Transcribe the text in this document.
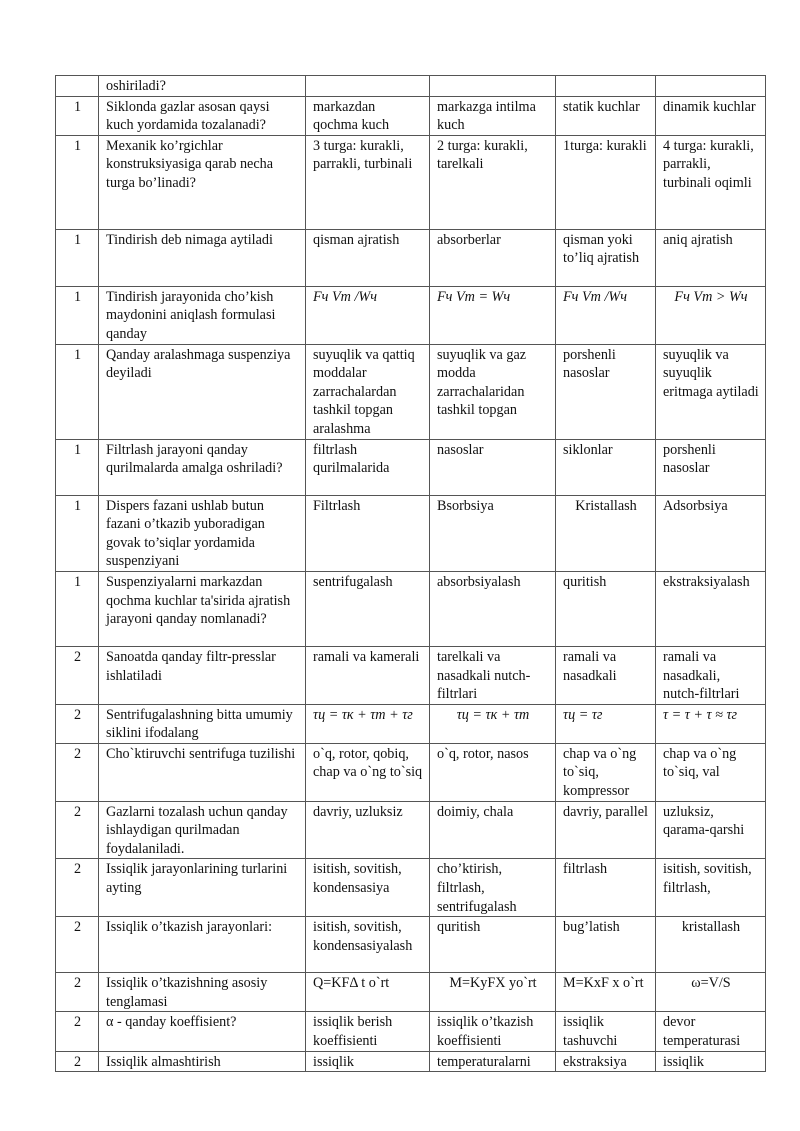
	oshiriladi?				
1	Siklonda gazlar asosan qaysi kuch yordamida tozalanadi?	markazdan qochma kuch	markazga intilma kuch	statik kuchlar	dinamik kuchlar
1	Mexanik ko’rgichlar konstruksiyasiga qarab necha turga bo’linadi?	3 turga: kurakli, parrakli, turbinali	2 turga: kurakli, tarelkali	1turga: kurakli	4 turga: kurakli, parrakli, turbinali oqimli
1	Tindirish deb nimaga aytiladi	qisman ajratish	absorberlar	qisman yoki to’liq ajratish	aniq ajratish
1	Tindirish jarayonida cho’kish maydonini aniqlash formulasi qanday	Fч Vт /Wч	Fч Vт = Wч	Fч Vт /Wч	Fч Vт > Wч
1	Qanday aralashmaga suspenziya deyiladi	suyuqlik va qattiq moddalar zarrachalardan tashkil topgan aralashma	suyuqlik va gaz modda zarrachalaridan tashkil topgan	porshenli nasoslar	suyuqlik va suyuqlik eritmaga aytiladi
1	Filtrlash jarayoni qanday qurilmalarda amalga oshriladi?	filtrlash qurilmalarida	nasoslar	siklonlar	porshenli nasoslar
1	Dispers fazani ushlab butun fazani o’tkazib yuboradigan govak to’siqlar yordamida suspenziyani	Filtrlash	Bsorbsiya	Kristallash	Adsorbsiya
1	Suspenziyalarni markazdan qochma kuchlar ta'sirida ajratish jarayoni qanday nomlanadi?	sentrifugalash	absorbsiyalash	quritish	ekstraksiyalash
2	Sanoatda qanday filtr-presslar ishlatiladi	ramali va kamerali	tarelkali va nasadkali nutch-filtrlari	ramali va nasadkali	ramali va nasadkali, nutch-filtrlari
2	Sentrifugalashning bitta umumiy siklini ifodalang	τц = τк + τт + τг	τц = τк + τт	τц = τг	τ = τ + τ ≈ τг
2	Cho`ktiruvchi sentrifuga tuzilishi	o`q, rotor, qobiq, chap va o`ng to`siq	o`q, rotor, nasos	chap va o`ng to`siq, kompressor	chap va o`ng to`siq, val
2	Gazlarni tozalash uchun qanday ishlaydigan qurilmadan foydalaniladi.	davriy, uzluksiz	doimiy, chala	davriy, parallel	uzluksiz, qarama-qarshi
2	Issiqlik jarayonlarining turlarini ayting	isitish, sovitish, kondensasiya	cho’ktirish, filtrlash, sentrifugalash	filtrlash	isitish, sovitish, filtrlash,
2	Issiqlik o’tkazish jarayonlari:	isitish, sovitish, kondensasiyalash	quritish	bug’latish	kristallash
2	Issiqlik o’tkazishning asosiy tenglamasi	Q=KFΔ t o`rt	M=KyFX yo`rt	M=KxF x o`rt	ω=V/S
2	α - qanday koeffisient?	issiqlik berish koeffisienti	issiqlik o’tkazish koeffisienti	issiqlik tashuvchi	devor temperaturasi
2	Issiqlik almashtirish	issiqlik	temperaturalarni	ekstraksiya	issiqlik
